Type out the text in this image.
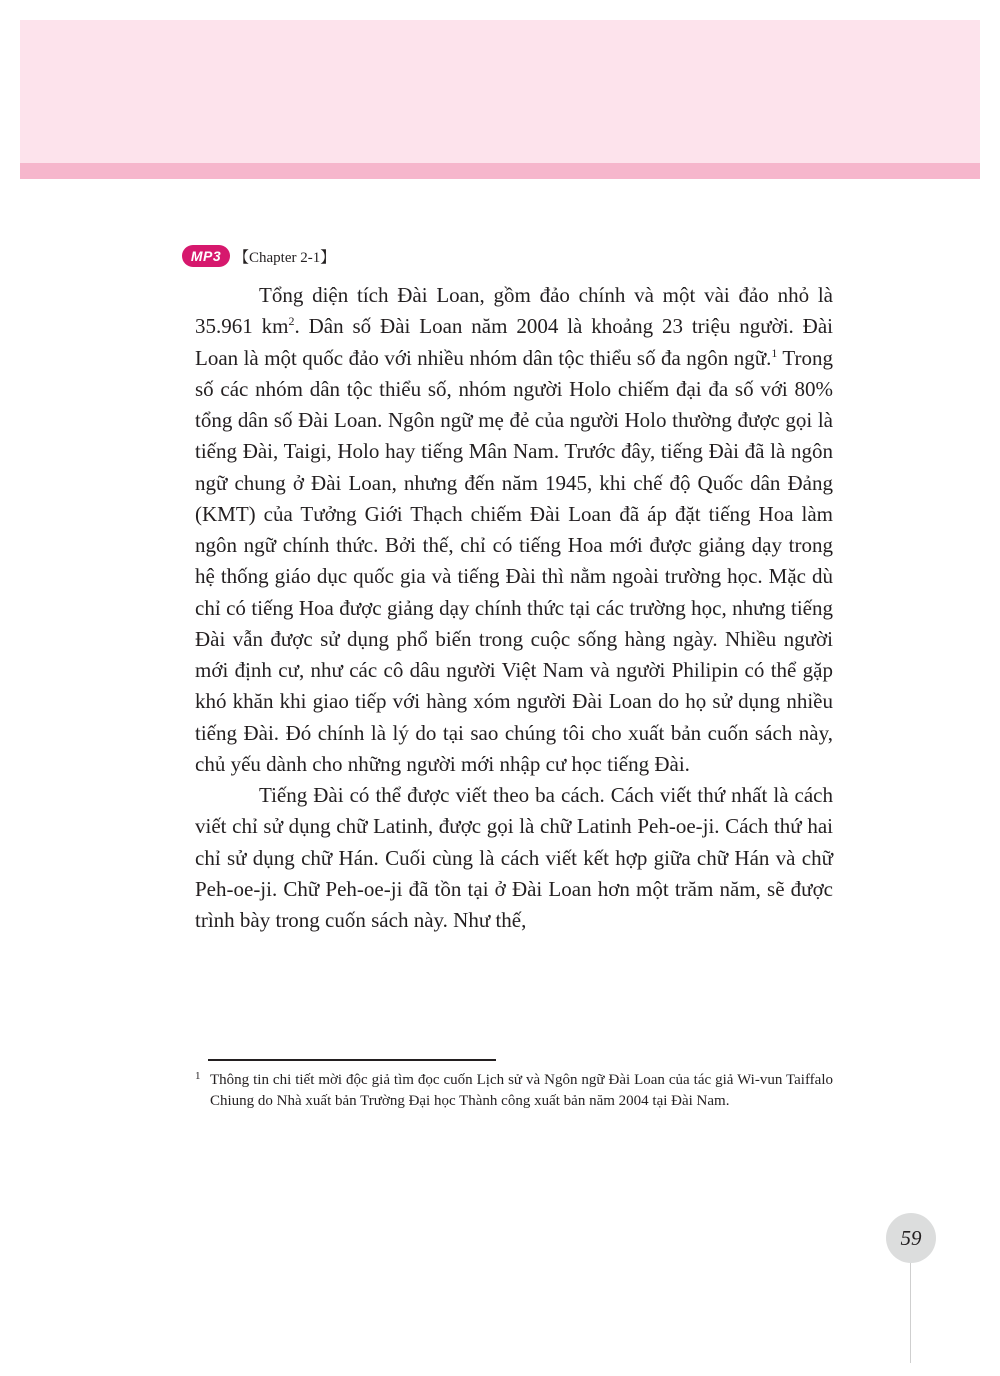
MP3 【Chapter 2-1】

Tổng diện tích Đài Loan, gồm đảo chính và một vài đảo nhỏ là 35.961 $km^2$. Dân số Đài Loan năm 2004 là khoảng 23 triệu người. Đài Loan là một quốc đảo với nhiều nhóm dân tộc thiểu số đa ngôn ngữ.$^1$ Trong số các nhóm dân tộc thiểu số, nhóm người Holo chiếm đại đa số với 80% tổng dân số Đài Loan. Ngôn ngữ mẹ đẻ của người Holo thường được gọi là tiếng Đài, Taigi, Holo hay tiếng Mân Nam. Trước đây, tiếng Đài đã là ngôn ngữ chung ở Đài Loan, nhưng đến năm 1945, khi chế độ Quốc dân Đảng (KMT) của Tưởng Giới Thạch chiếm Đài Loan đã áp đặt tiếng Hoa làm ngôn ngữ chính thức. Bởi thế, chỉ có tiếng Hoa mới được giảng dạy trong hệ thống giáo dục quốc gia và tiếng Đài thì nằm ngoài trường học. Mặc dù chỉ có tiếng Hoa được giảng dạy chính thức tại các trường học, nhưng tiếng Đài vẫn được sử dụng phổ biến trong cuộc sống hàng ngày. Nhiều người mới định cư, như các cô dâu người Việt Nam và người Philipin có thể gặp khó khăn khi giao tiếp với hàng xóm người Đài Loan do họ sử dụng nhiều tiếng Đài. Đó chính là lý do tại sao chúng tôi cho xuất bản cuốn sách này, chủ yếu dành cho những người mới nhập cư học tiếng Đài.

Tiếng Đài có thể được viết theo ba cách. Cách viết thứ nhất là cách viết chỉ sử dụng chữ Latinh, được gọi là chữ Latinh Peh-oe-ji. Cách thứ hai chỉ sử dụng chữ Hán. Cuối cùng là cách viết kết hợp giữa chữ Hán và chữ Peh-oe-ji. Chữ Peh-oe-ji đã tồn tại ở Đài Loan hơn một trăm năm, sẽ được trình bày trong cuốn sách này. Như thế,

1 Thông tin chi tiết mời độc giả tìm đọc cuốn Lịch sử và Ngôn ngữ Đài Loan của tác giả Wi-vun Taiffalo Chiung do Nhà xuất bản Trường Đại học Thành công xuất bản năm 2004 tại Đài Nam.
59
